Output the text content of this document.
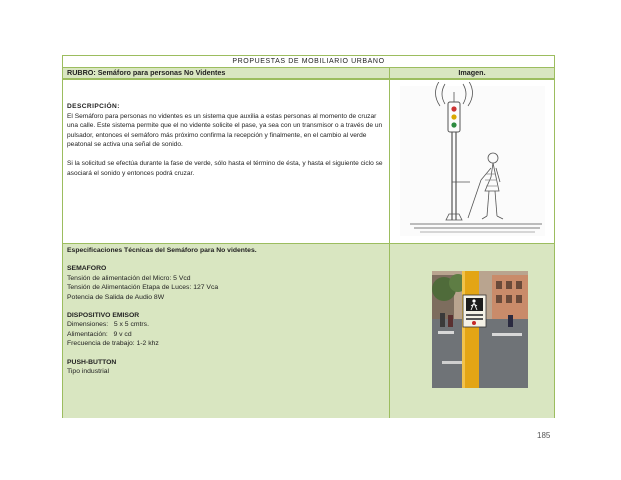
PROPUESTAS DE MOBILIARIO URBANO
RUBRO: Semáforo para personas No Videntes	Imagen.
DESCRIPCIÓN:

El Semáforo para personas no videntes es un sistema que auxilia a estas personas al momento de cruzar una calle. Este sistema permite que el no vidente solicite el pase, ya sea con un transmisor o a través de un pulsador, entonces el semáforo más próximo confirma la recepción y finalmente, en el cambio al verde peatonal se activa una señal de sonido.

Si la solicitud se efectúa durante la fase de verde, sólo hasta el término de ésta, y hasta el siguiente ciclo se asociará el sonido y entonces podrá cruzar.

Especificaciones Técnicas del Semáforo para No videntes.
SEMAFORO
Tensión de alimentación del Micro: 5 Vcd
Tensión de Alimentación Etapa de Luces: 127 Vca
Potencia de Salida de Audio 8W
DISPOSITIVO EMISOR
Dimensiones:   5 x 5 cmtrs.
Alimentación:   9 v cd
Frecuencia de trabajo: 1-2 khz
PUSH-BUTTON
Tipo industrial
185
